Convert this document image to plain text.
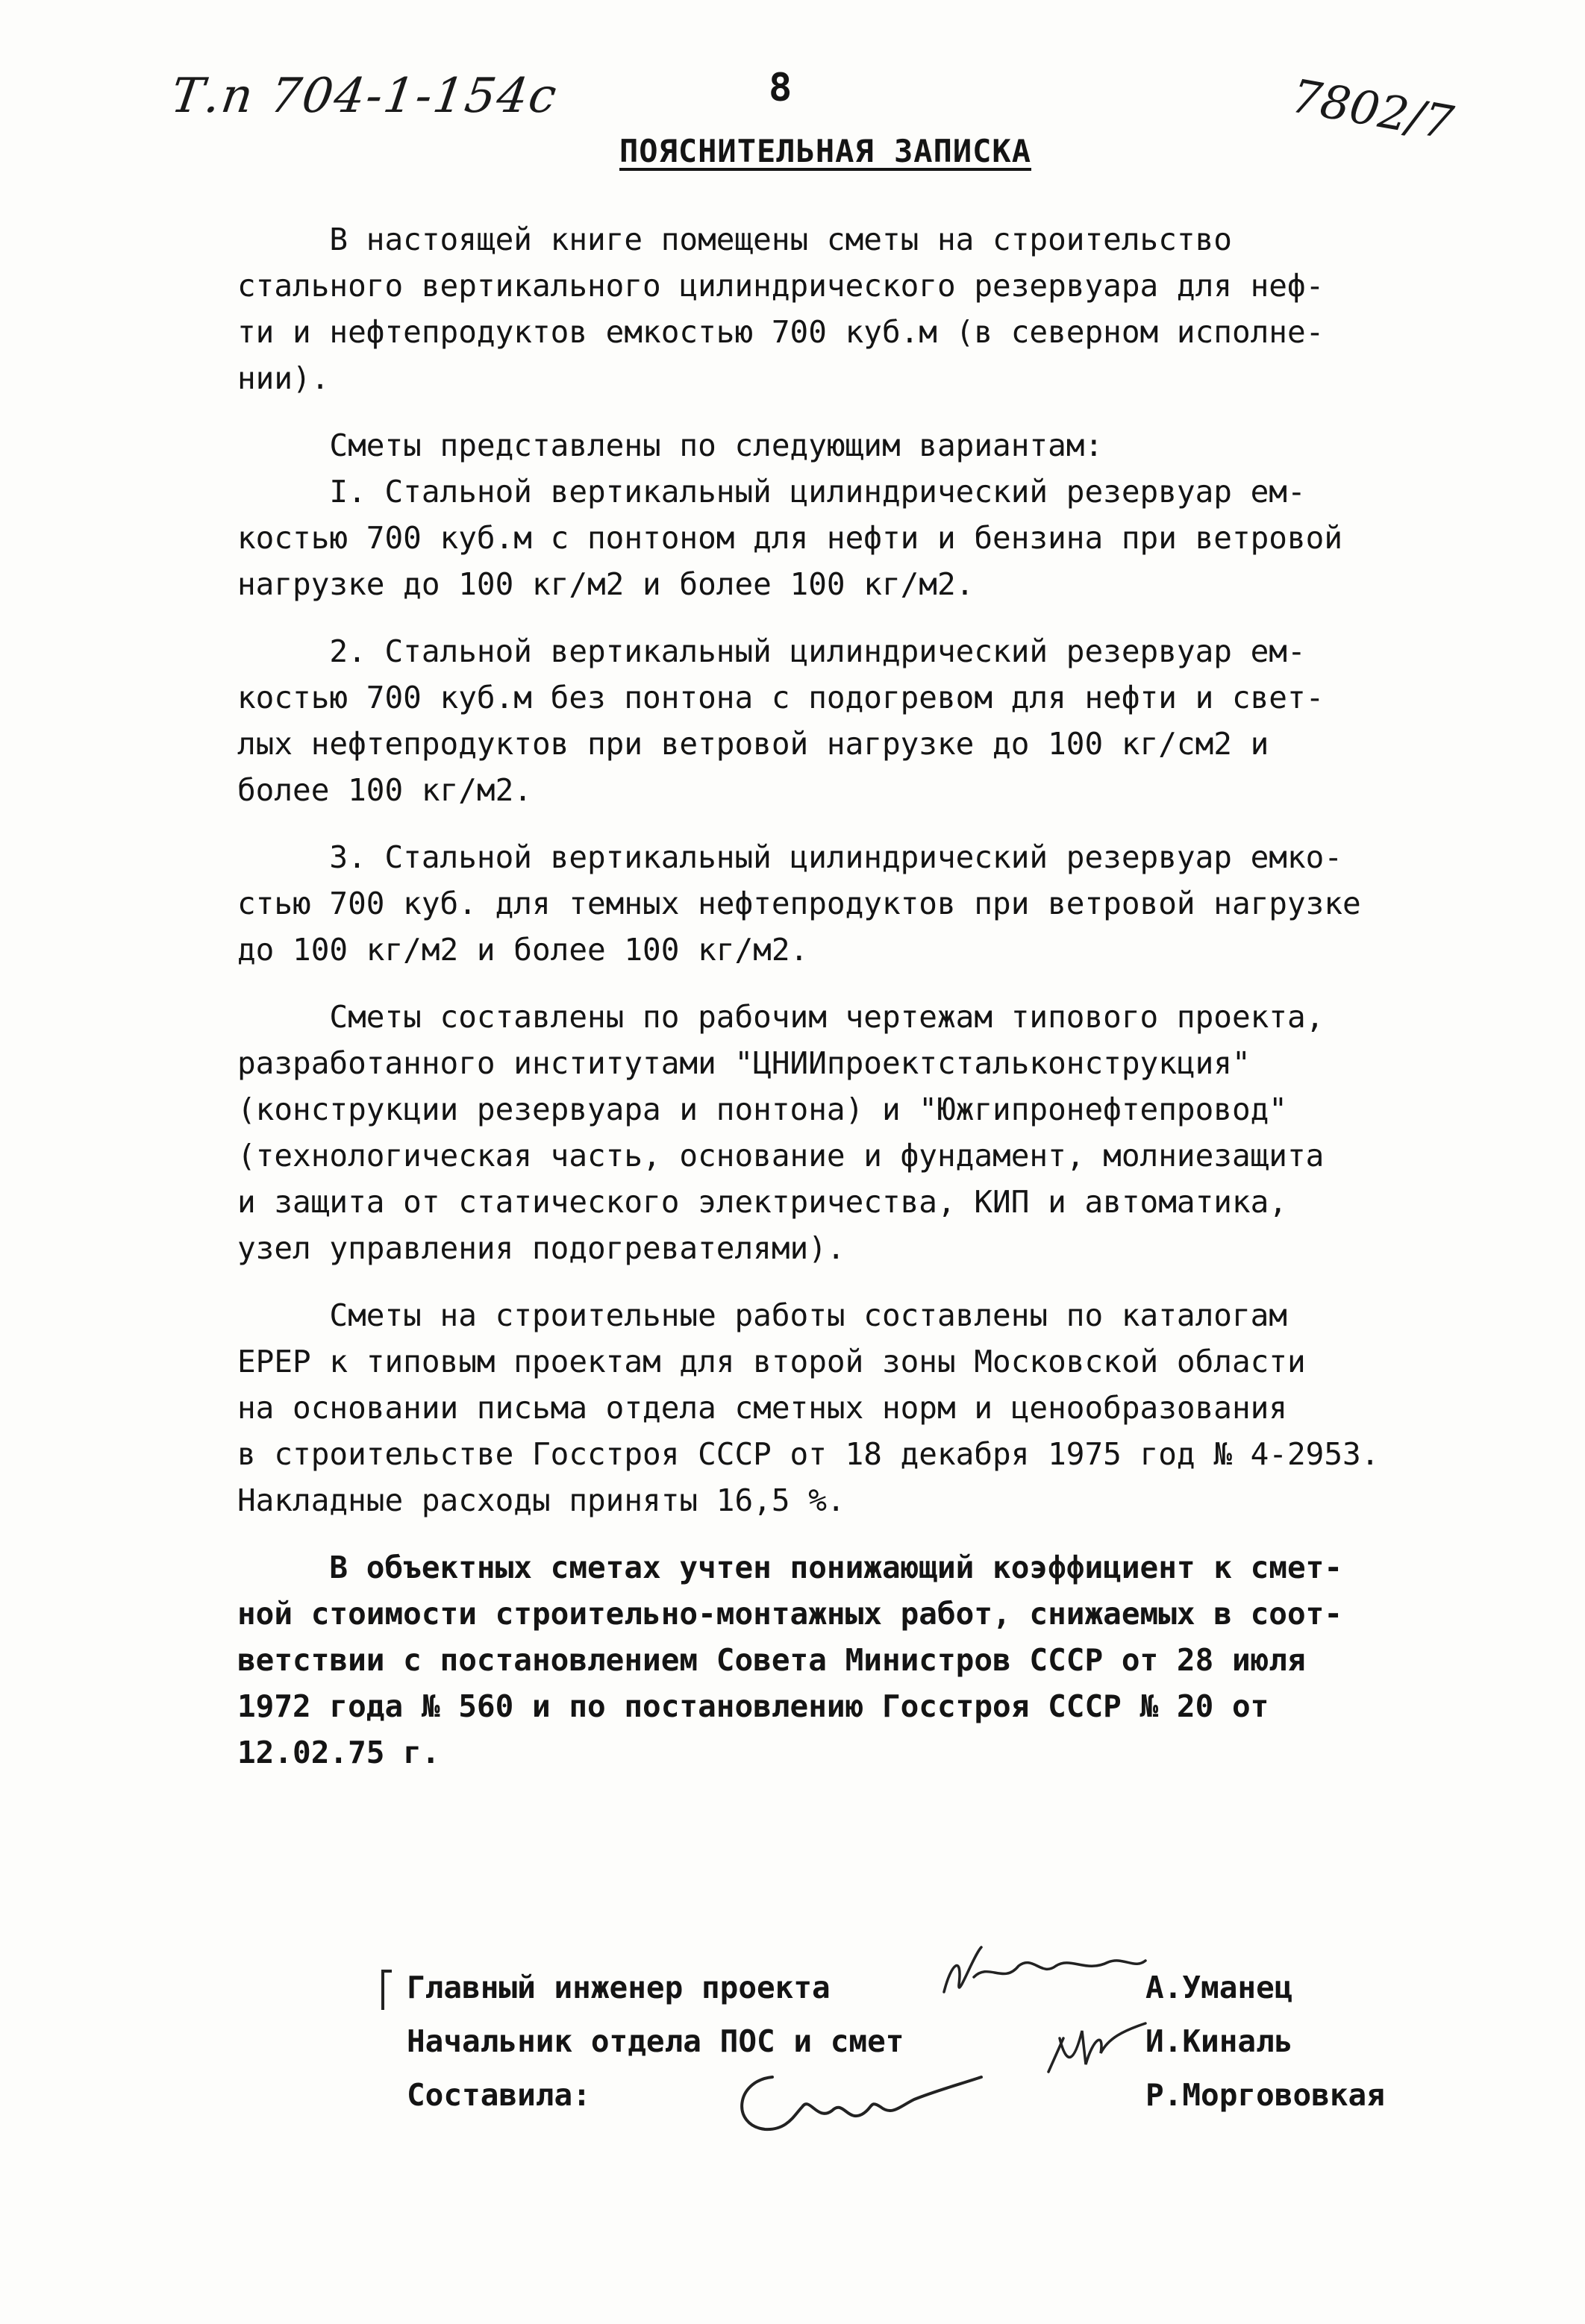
Т.п 704-1-154с	8	7802/7
ПОЯСНИТЕЛЬНАЯ ЗАПИСКА
В настоящей книге помещены сметы на строительство
стального вертикального цилиндрического резервуара для неф-
ти и нефтепродуктов емкостью 700 куб.м (в северном исполне-
нии).
Сметы представлены по следующим вариантам:
I. Стальной вертикальный цилиндрический резервуар ем-
костью 700 куб.м с понтоном для нефти и бензина при ветровой
нагрузке до 100 кг/м2 и более 100 кг/м2.
2. Стальной вертикальный цилиндрический резервуар ем-
костью 700 куб.м без понтона с подогревом для нефти и свет-
лых нефтепродуктов при ветровой нагрузке до 100 кг/см2 и
более 100 кг/м2.
3. Стальной вертикальный цилиндрический резервуар емко-
стью 700 куб. для темных нефтепродуктов при ветровой нагрузке
до 100 кг/м2 и более 100 кг/м2.
Сметы составлены по рабочим чертежам типового проекта,
разработанного институтами "ЦНИИпроектстальконструкция"
(конструкции резервуара и понтона) и "Южгипронефтепровод"
(технологическая часть, основание и фундамент, молниезащита
и защита от статического электричества, КИП и автоматика,
узел управления подогревателями).
Сметы на строительные работы составлены по каталогам
ЕРЕР к типовым проектам для второй зоны Московской области
на основании письма отдела сметных норм и ценообразования
в строительстве Госстроя СССР от 18 декабря 1975 год № 4-2953.
Накладные расходы приняты 16,5 %.
В объектных сметах учтен понижающий коэффициент к смет-
ной стоимости строительно-монтажных работ, снижаемых в соот-
ветствии с постановлением Совета Министров СССР от 28 июля
1972 года № 560 и по постановлению Госстроя СССР № 20 от
12.02.75 г.
Главный инженер проекта	А.Уманец
Начальник отдела ПОС и смет	И.Киналь
Составила:	Р.Моргововкая
